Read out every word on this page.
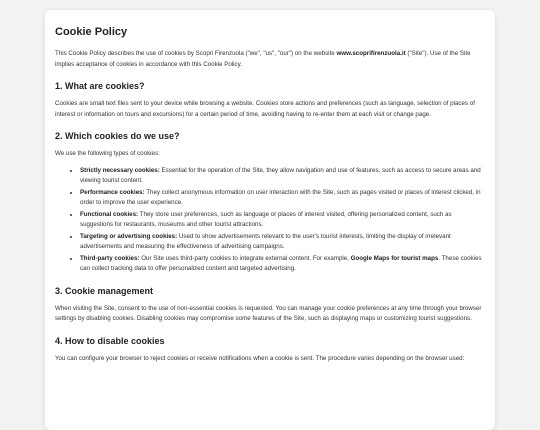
Cookie Policy

This Cookie Policy describes the use of cookies by Scopri Firenzuola ("we", "us", "our") on the website www.scoprifirenzuola.it ("Site"). Use of the Site implies acceptance of cookies in accordance with this Cookie Policy.

1. What are cookies?

Cookies are small text files sent to your device while browsing a website. Cookies store actions and preferences (such as language, selection of places of interest or information on tours and excursions) for a certain period of time, avoiding having to re-enter them at each visit or change page.

2. Which cookies do we use?

We use the following types of cookies:

• Strictly necessary cookies: Essential for the operation of the Site, they allow navigation and use of features, such as access to secure areas and viewing tourist content.
• Performance cookies: They collect anonymous information on user interaction with the Site, such as pages visited or places of interest clicked, in order to improve the user experience.
• Functional cookies: They store user preferences, such as language or places of interest visited, offering personalized content, such as suggestions for restaurants, museums and other tourist attractions.
• Targeting or advertising cookies: Used to show advertisements relevant to the user's tourist interests, limiting the display of irrelevant advertisements and measuring the effectiveness of advertising campaigns.
• Third-party cookies: Our Site uses third-party cookies to integrate external content. For example, Google Maps for tourist maps. These cookies can collect tracking data to offer personalized content and targeted advertising.
3. Cookie management

When visiting the Site, consent to the use of non-essential cookies is requested. You can manage your cookie preferences at any time through your browser settings by disabling cookies. Disabling cookies may compromise some features of the Site, such as displaying maps or customizing tourist suggestions.

4. How to disable cookies

You can configure your browser to reject cookies or receive notifications when a cookie is sent. The procedure varies depending on the browser used:
